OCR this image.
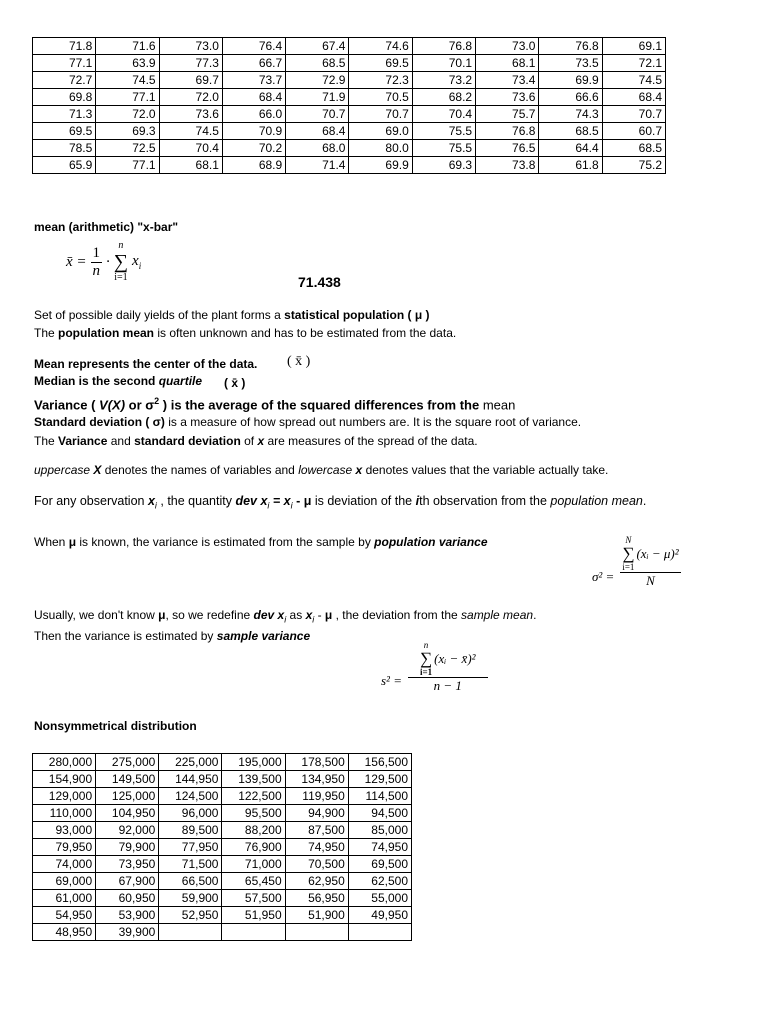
71.8	71.6	73.0	76.4	67.4	74.6	76.8	73.0	76.8	69.1
77.1	63.9	77.3	66.7	68.5	69.5	70.1	68.1	73.5	72.1
72.7	74.5	69.7	73.7	72.9	72.3	73.2	73.4	69.9	74.5
69.8	77.1	72.0	68.4	71.9	70.5	68.2	73.6	66.6	68.4
71.3	72.0	73.6	66.0	70.7	70.7	70.4	75.7	74.3	70.7
69.5	69.3	74.5	70.9	68.4	69.0	75.5	76.8	68.5	60.7
78.5	72.5	70.4	70.2	68.0	80.0	75.5	76.5	64.4	68.5
65.9	77.1	68.1	68.9	71.4	69.9	69.3	73.8	61.8	75.2
mean (arithmetic) "x-bar"
x̄ = $\frac{1}{n}$ ·
n
∑
i=1
$x_i$
71.438
Set of possible daily yields of the plant forms a statistical population ( μ )
The population mean is often unknown and has to be estimated from the data.
Mean represents the center of the data. ( x̄ )
Median is the second quartile ( x̄ )
Variance ( V(X) or $\sigma^2$ ) is the average of the squared differences from the mean
Standard deviation ( σ) is a measure of how spread out numbers are. It is the square root of variance.
The Variance and standard deviation of x are measures of the spread of the data.
uppercase X denotes the names of variables and lowercase x denotes values that the variable actually take.
For any observation $x_i$ , the quantity dev $x_i = x_i - \mu$ is deviation of the ith observation from the population mean.
When μ is known, the variance is estimated from the sample by population variance
σ² = N
∑
i=1
(xᵢ − μ)²
N
Usually, we don't know μ, so we redefine dev $x_i$ as $x_i$ - μ , the deviation from the sample mean.
Then the variance is estimated by sample variance
s² = n
∑
i=1
(xᵢ − x̄)²
n − 1
Nonsymmetrical distribution
280,000	275,000	225,000	195,000	178,500	156,500
154,900	149,500	144,950	139,500	134,950	129,500
129,000	125,000	124,500	122,500	119,950	114,500
110,000	104,950	96,000	95,500	94,900	94,500
93,000	92,000	89,500	88,200	87,500	85,000
79,950	79,900	77,950	76,900	74,950	74,950
74,000	73,950	71,500	71,000	70,500	69,500
69,000	67,900	66,500	65,450	62,950	62,500
61,000	60,950	59,900	57,500	56,950	55,000
54,950	53,900	52,950	51,950	51,900	49,950
48,950	39,900				
